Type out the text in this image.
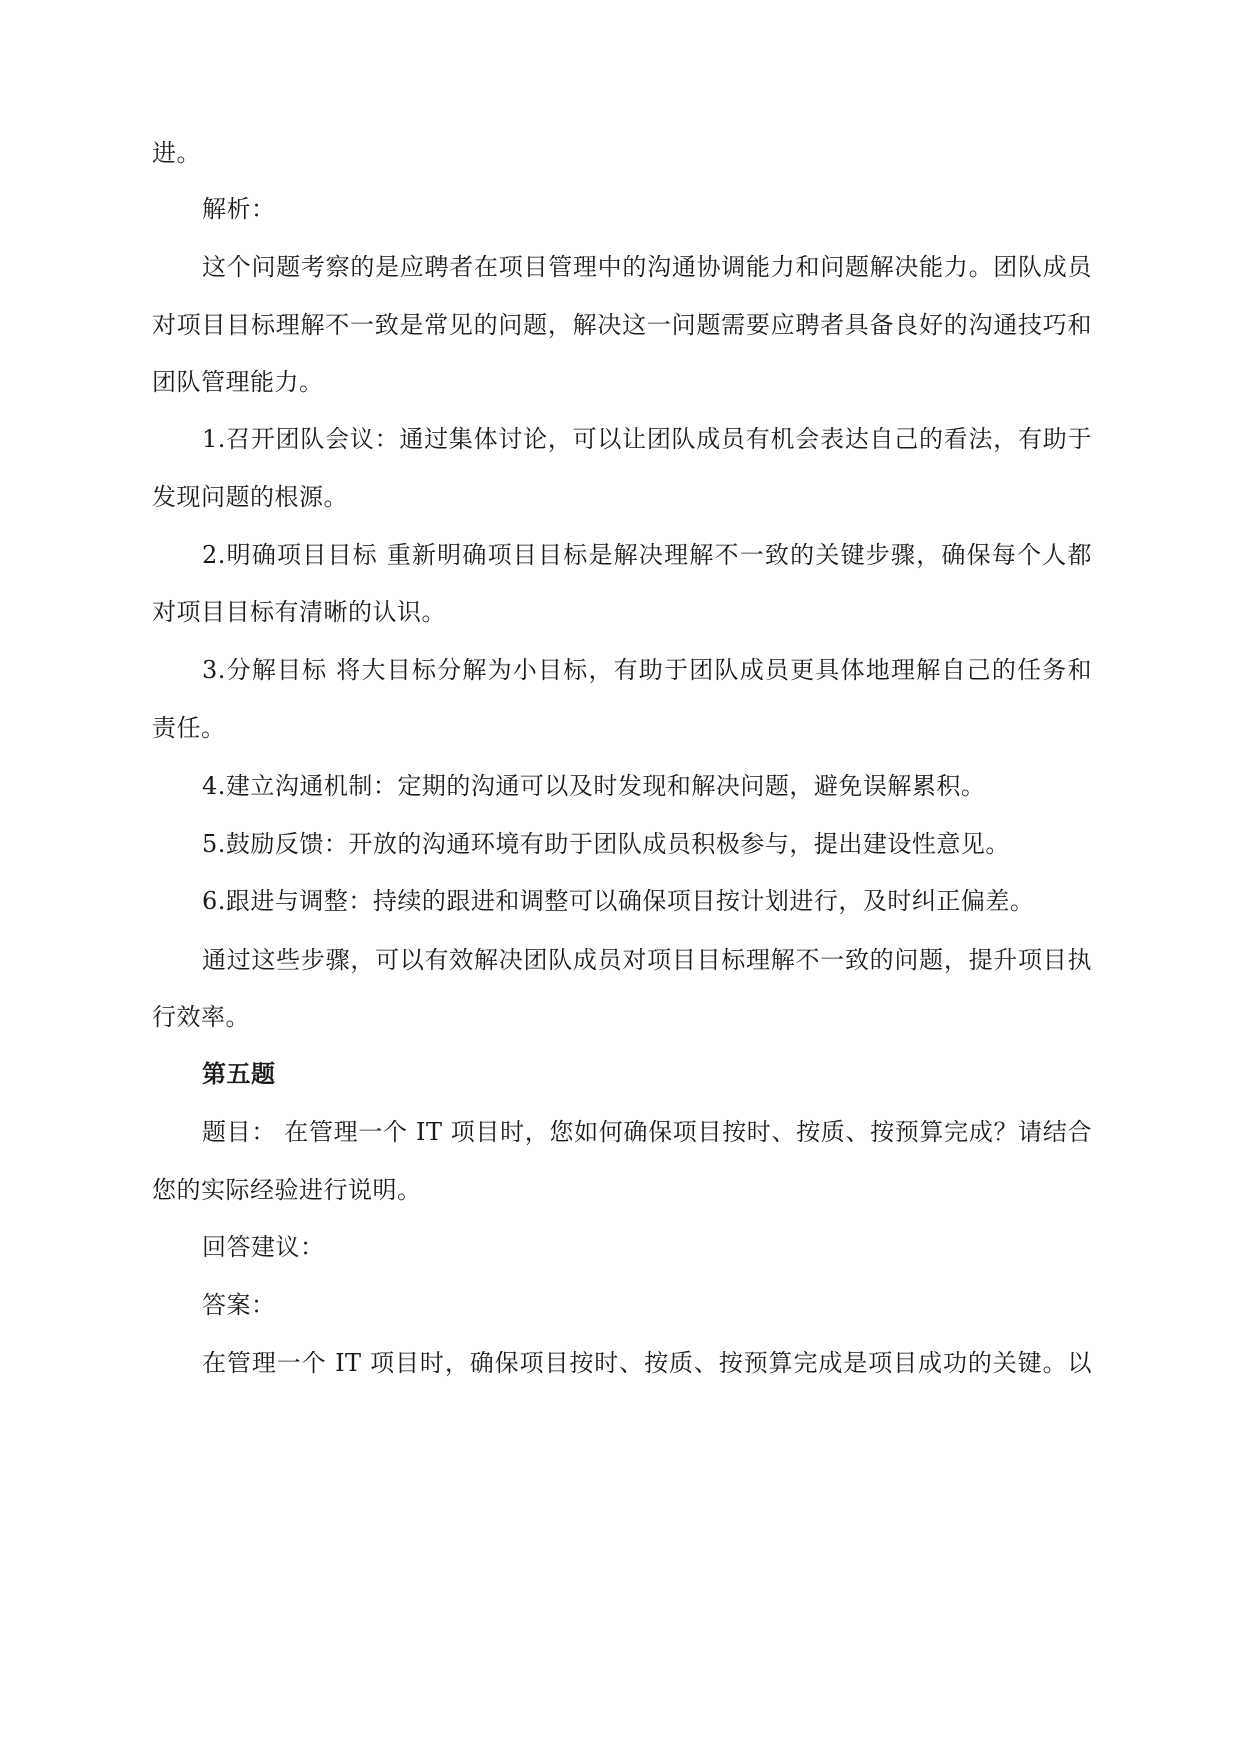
进。
解析：
这个问题考察的是应聘者在项目管理中的沟通协调能力和问题解决能力。团队成员
对项目目标理解不一致是常见的问题，解决这一问题需要应聘者具备良好的沟通技巧和
团队管理能力。
1.召开团队会议：通过集体讨论，可以让团队成员有机会表达自己的看法，有助于
发现问题的根源。
2.明确项目目标 重新明确项目目标是解决理解不一致的关键步骤，确保每个人都
对项目目标有清晰的认识。
3.分解目标 将大目标分解为小目标，有助于团队成员更具体地理解自己的任务和
责任。
4.建立沟通机制：定期的沟通可以及时发现和解决问题，避免误解累积。
5.鼓励反馈：开放的沟通环境有助于团队成员积极参与，提出建设性意见。
6.跟进与调整：持续的跟进和调整可以确保项目按计划进行，及时纠正偏差。
通过这些步骤，可以有效解决团队成员对项目目标理解不一致的问题，提升项目执
行效率。
第五题
题目： 在管理一个 IT 项目时，您如何确保项目按时、按质、按预算完成？请结合
您的实际经验进行说明。
回答建议：
答案：
在管理一个 IT 项目时，确保项目按时、按质、按预算完成是项目成功的关键。以
